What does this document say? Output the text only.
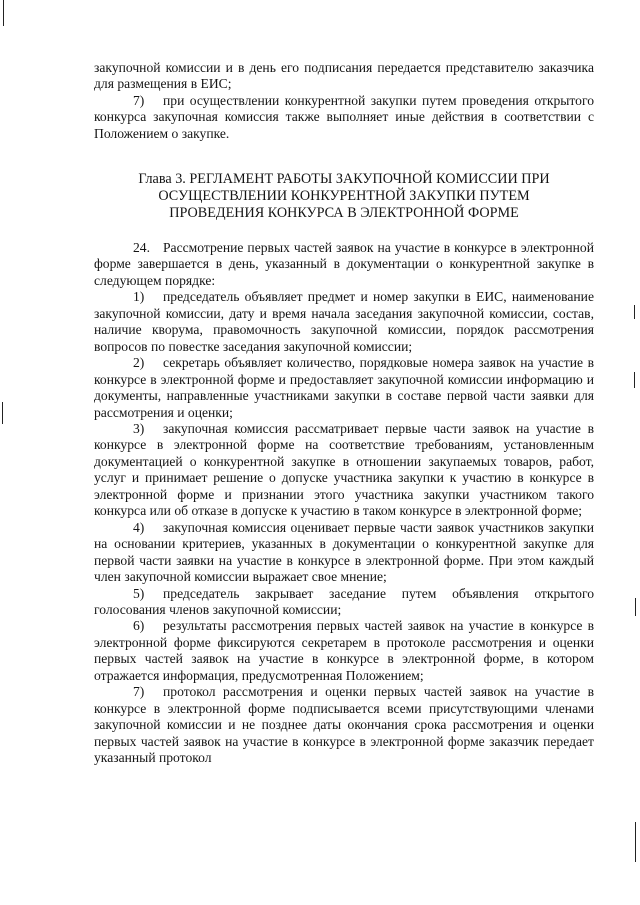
закупочной комиссии и в день его подписания передается представителю заказчика для размещения в ЕИС;

7) при осуществлении конкурентной закупки путем проведения открытого конкурса закупочная комиссия также выполняет иные действия в соответствии с Положением о закупке.

Глава 3. РЕГЛАМЕНТ РАБОТЫ ЗАКУПОЧНОЙ КОМИССИИ ПРИ
ОСУЩЕСТВЛЕНИИ КОНКУРЕНТНОЙ ЗАКУПКИ ПУТЕМ
ПРОВЕДЕНИЯ КОНКУРСА В ЭЛЕКТРОННОЙ ФОРМЕ

24. Рассмотрение первых частей заявок на участие в конкурсе в электронной форме завершается в день, указанный в документации о конкурентной закупке в следующем порядке:

1) председатель объявляет предмет и номер закупки в ЕИС, наименование закупочной комиссии, дату и время начала заседания закупочной комиссии, состав, наличие кворума, правомочность закупочной комиссии, порядок рассмотрения вопросов по повестке заседания закупочной комиссии;

2) секретарь объявляет количество, порядковые номера заявок на участие в конкурсе в электронной форме и предоставляет закупочной комиссии информацию и документы, направленные участниками закупки в составе первой части заявки для рассмотрения и оценки;

3) закупочная комиссия рассматривает первые части заявок на участие в конкурсе в электронной форме на соответствие требованиям, установленным документацией о конкурентной закупке в отношении закупаемых товаров, работ, услуг и принимает решение о допуске участника закупки к участию в конкурсе в электронной форме и признании этого участника закупки участником такого конкурса или об отказе в допуске к участию в таком конкурсе в электронной форме;

4) закупочная комиссия оценивает первые части заявок участников закупки на основании критериев, указанных в документации о конкурентной закупке для первой части заявки на участие в конкурсе в электронной форме. При этом каждый член закупочной комиссии выражает свое мнение;

5) председатель закрывает заседание путем объявления открытого голосования членов закупочной комиссии;

6) результаты рассмотрения первых частей заявок на участие в конкурсе в электронной форме фиксируются секретарем в протоколе рассмотрения и оценки первых частей заявок на участие в конкурсе в электронной форме, в котором отражается информация, предусмотренная Положением;

7) протокол рассмотрения и оценки первых частей заявок на участие в конкурсе в электронной форме подписывается всеми присутствующими членами закупочной комиссии и не позднее даты окончания срока рассмотрения и оценки первых частей заявок на участие в конкурсе в электронной форме заказчик передает указанный протокол
